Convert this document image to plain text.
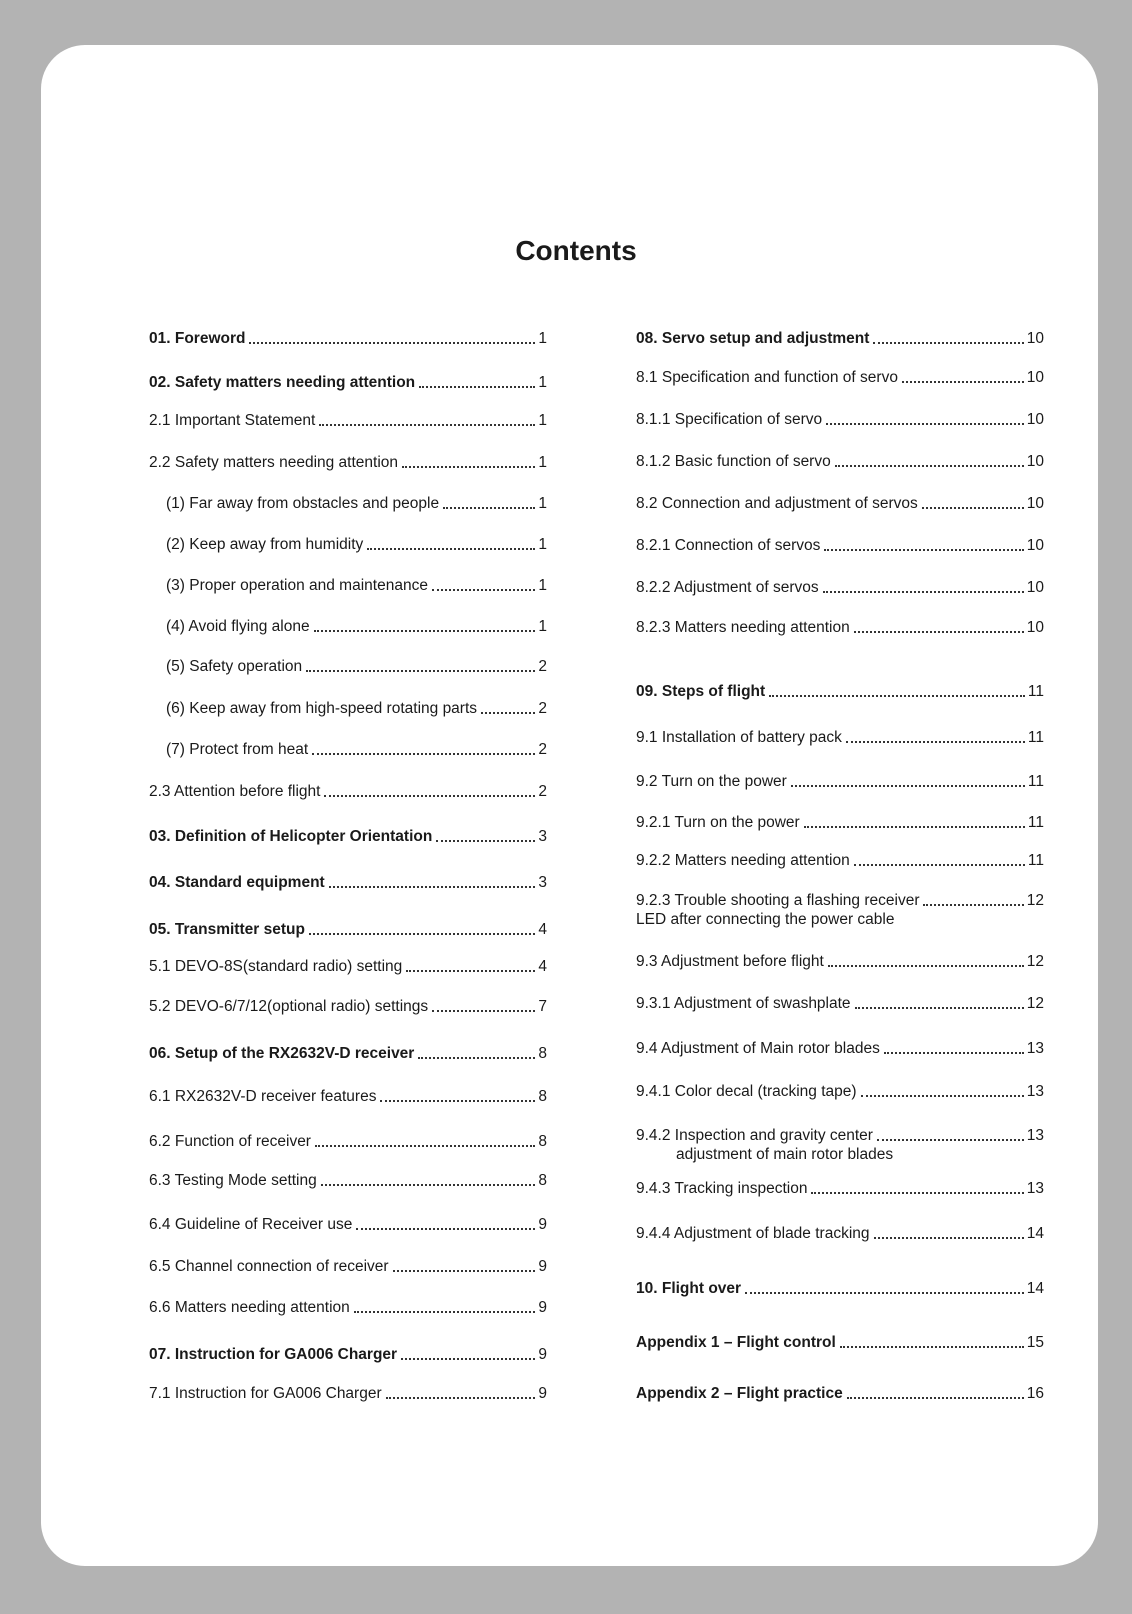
Contents
01. Foreword	1
02. Safety matters needing attention	1
2.1 Important Statement	1
2.2 Safety matters needing attention	1
(1) Far away from obstacles and people	1
(2) Keep away from humidity	1
(3) Proper operation and maintenance	1
(4) Avoid flying alone	1
(5) Safety operation	2
(6) Keep away from high-speed rotating parts	2
(7) Protect from heat	2
2.3 Attention before flight	2
03. Definition of Helicopter Orientation	3
04. Standard equipment	3
05. Transmitter setup	4
5.1 DEVO-8S(standard radio) setting	4
5.2 DEVO-6/7/12(optional radio) settings	7
06. Setup of the RX2632V-D receiver	8
6.1 RX2632V-D receiver features	8
6.2 Function of receiver	8
6.3 Testing Mode setting	8
6.4 Guideline of Receiver use	9
6.5 Channel connection of receiver	9
6.6 Matters needing attention	9
07. Instruction for GA006 Charger	9
7.1 Instruction for GA006 Charger	9
08. Servo setup and adjustment	10
8.1 Specification and function of servo	10
8.1.1 Specification of servo	10
8.1.2 Basic function of servo	10
8.2 Connection and adjustment of servos	10
8.2.1 Connection of servos	10
8.2.2 Adjustment of servos	10
8.2.3 Matters needing attention	10
09. Steps of flight	11
9.1 Installation of battery pack	11
9.2 Turn on the power	11
9.2.1 Turn on the power	11
9.2.2 Matters needing attention	11
9.2.3 Trouble shooting a flashing receiver	12
LED after connecting the power cable
9.3 Adjustment before flight	12
9.3.1 Adjustment of swashplate	12
9.4 Adjustment of Main rotor blades	13
9.4.1 Color decal (tracking tape)	13
9.4.2 Inspection and gravity center	13
adjustment of main rotor blades
9.4.3 Tracking inspection	13
9.4.4 Adjustment of blade tracking	14
10. Flight over	14
Appendix 1 – Flight control	15
Appendix 2 – Flight practice	16
